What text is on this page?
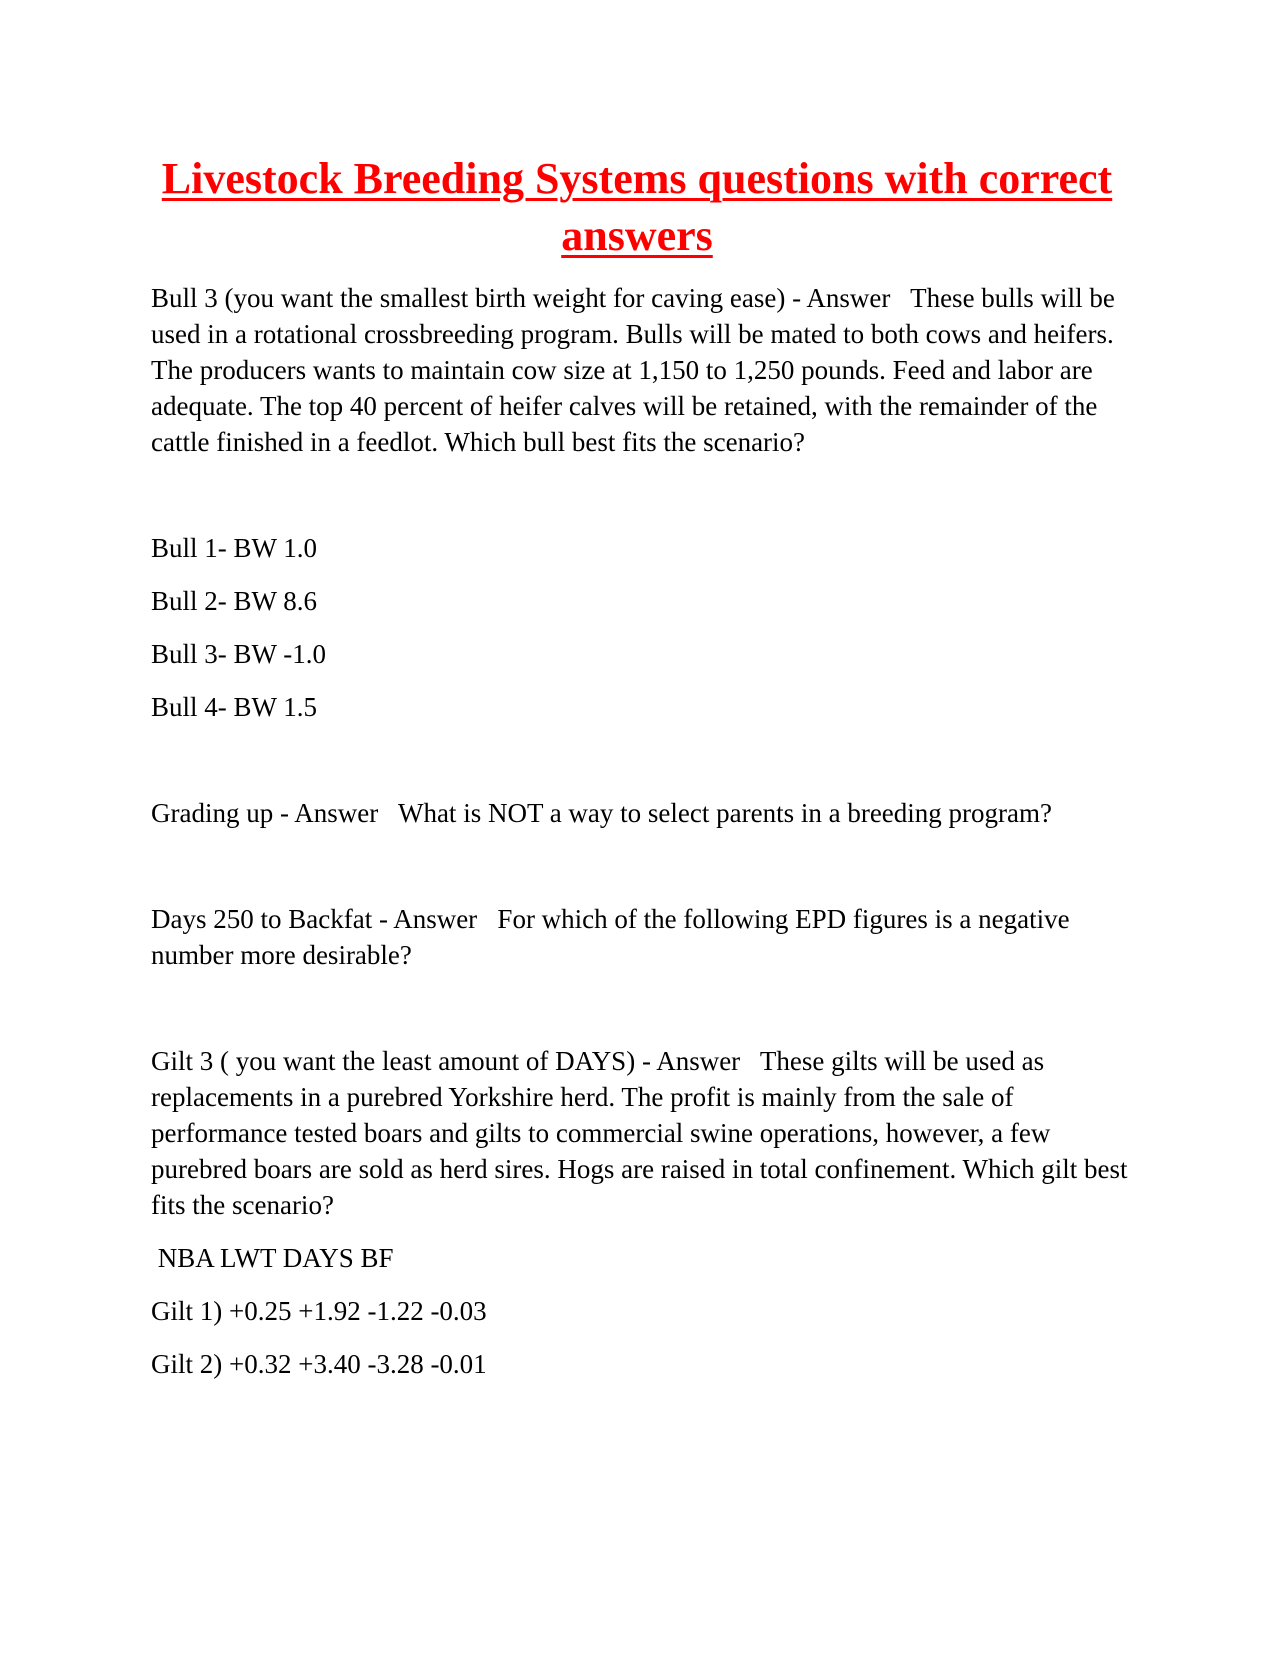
Livestock Breeding Systems questions with correct answers

Bull 3 (you want the smallest birth weight for caving ease) - Answer   These bulls will be used in a rotational crossbreeding program. Bulls will be mated to both cows and heifers. The producers wants to maintain cow size at 1,150 to 1,250 pounds. Feed and labor are adequate. The top 40 percent of heifer calves will be retained, with the remainder of the cattle finished in a feedlot. Which bull best fits the scenario?

Bull 1- BW 1.0

Bull 2- BW 8.6

Bull 3- BW -1.0

Bull 4- BW 1.5

Grading up - Answer   What is NOT a way to select parents in a breeding program?

Days 250 to Backfat - Answer   For which of the following EPD figures is a negative number more desirable?

Gilt 3 ( you want the least amount of DAYS) - Answer   These gilts will be used as replacements in a purebred Yorkshire herd. The profit is mainly from the sale of performance tested boars and gilts to commercial swine operations, however, a few purebred boars are sold as herd sires. Hogs are raised in total confinement. Which gilt best fits the scenario?

NBA LWT DAYS BF

Gilt 1) +0.25 +1.92 -1.22 -0.03

Gilt 2) +0.32 +3.40 -3.28 -0.01
